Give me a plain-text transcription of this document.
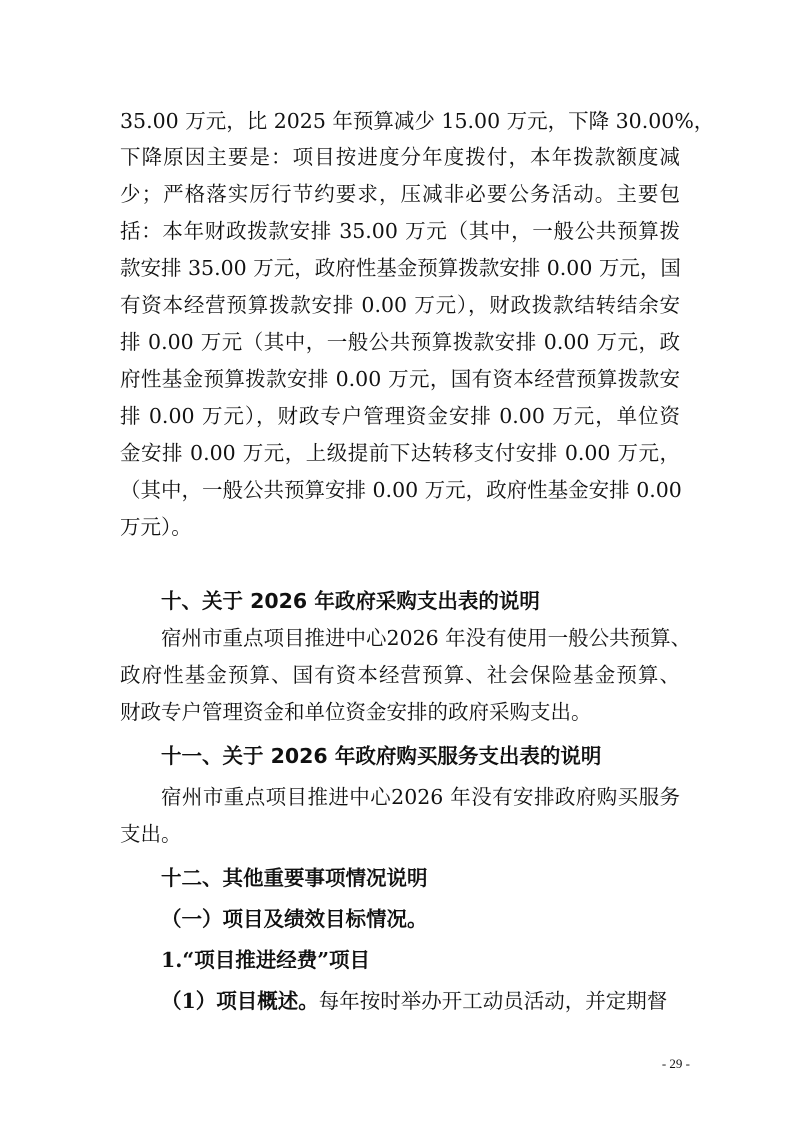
35.00 万元，比 2025 年预算减少 15.00 万元，下降 30.00%，
下降原因主要是：项目按进度分年度拨付，本年拨款额度减
少；严格落实厉行节约要求，压减非必要公务活动。主要包
括：本年财政拨款安排 35.00 万元（其中，一般公共预算拨
款安排 35.00 万元，政府性基金预算拨款安排 0.00 万元，国
有资本经营预算拨款安排 0.00 万元），财政拨款结转结余安
排 0.00 万元（其中，一般公共预算拨款安排 0.00 万元，政
府性基金预算拨款安排 0.00 万元，国有资本经营预算拨款安
排 0.00 万元），财政专户管理资金安排 0.00 万元，单位资
金安排 0.00 万元，上级提前下达转移支付安排 0.00 万元，
（其中，一般公共预算安排 0.00 万元，政府性基金安排 0.00
万元）。
十、关于 2026 年政府采购支出表的说明
宿州市重点项目推进中心2026 年没有使用一般公共预算、
政府性基金预算、国有资本经营预算、社会保险基金预算、
财政专户管理资金和单位资金安排的政府采购支出。
十一、关于 2026 年政府购买服务支出表的说明
宿州市重点项目推进中心2026 年没有安排政府购买服务
支出。
十二、其他重要事项情况说明
（一）项目及绩效目标情况。
1.“项目推进经费”项目
（1）项目概述。每年按时举办开工动员活动，并定期督
- 29 -
